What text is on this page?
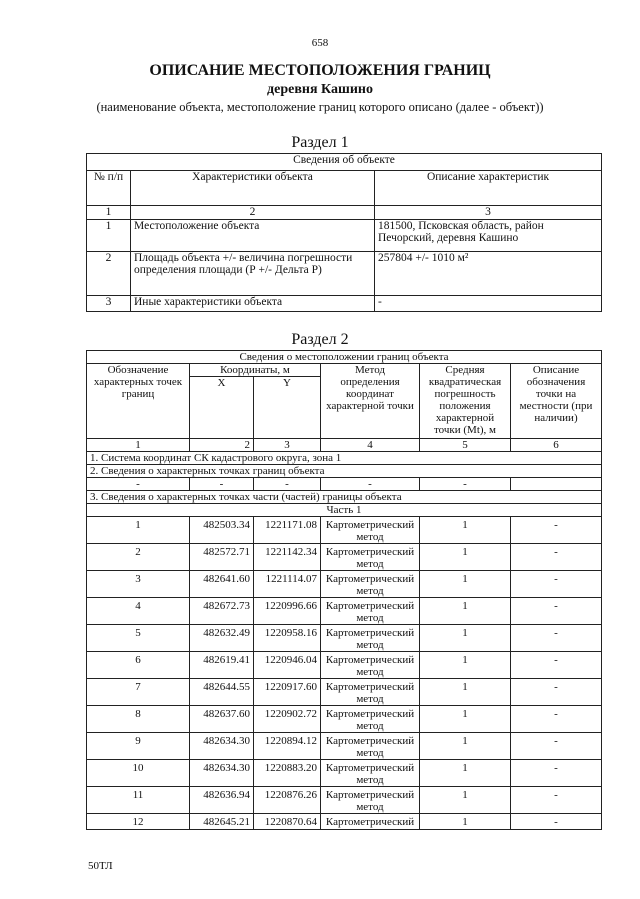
658
ОПИСАНИЕ МЕСТОПОЛОЖЕНИЯ ГРАНИЦ
деревня Кашино
(наименование объекта, местоположение границ которого описано (далее - объект))
Раздел 1
Сведения об объекте		
№ п/п	Характеристики объекта	Описание характеристик
1	2	3
1	Местоположение объекта	181500, Псковская область, район Печорский, деревня Кашино
2	Площадь объекта +/- величина погрешности определения площади (Р +/- Дельта Р)	257804 +/- 1010 м²
3	Иные характеристики объекта	-
Раздел 2
Сведения о местоположении границ объекта					
Обозначение характерных точек границ	Координаты, м		Метод определения координат характерной точки	Средняя квадратическая погрешность положения характерной точки (Mt), м	Описание обозначения точки на местности (при наличии)
	X	Y			
1	2	3	4	5	6
1. Система координат СК кадастрового округа, зона 1					
2. Сведения о характерных точках границ объекта					
-	-	-	-	-	
3. Сведения о характерных точках части (частей) границы объекта					
Часть 1					
1	482503.34	1221171.08	Картометрический метод	1	-
2	482572.71	1221142.34	Картометрический метод	1	-
3	482641.60	1221114.07	Картометрический метод	1	-
4	482672.73	1220996.66	Картометрический метод	1	-
5	482632.49	1220958.16	Картометрический метод	1	-
6	482619.41	1220946.04	Картометрический метод	1	-
7	482644.55	1220917.60	Картометрический метод	1	-
8	482637.60	1220902.72	Картометрический метод	1	-
9	482634.30	1220894.12	Картометрический метод	1	-
10	482634.30	1220883.20	Картометрический метод	1	-
11	482636.94	1220876.26	Картометрический метод	1	-
12	482645.21	1220870.64	Картометрический	1	-
50ТЛ
